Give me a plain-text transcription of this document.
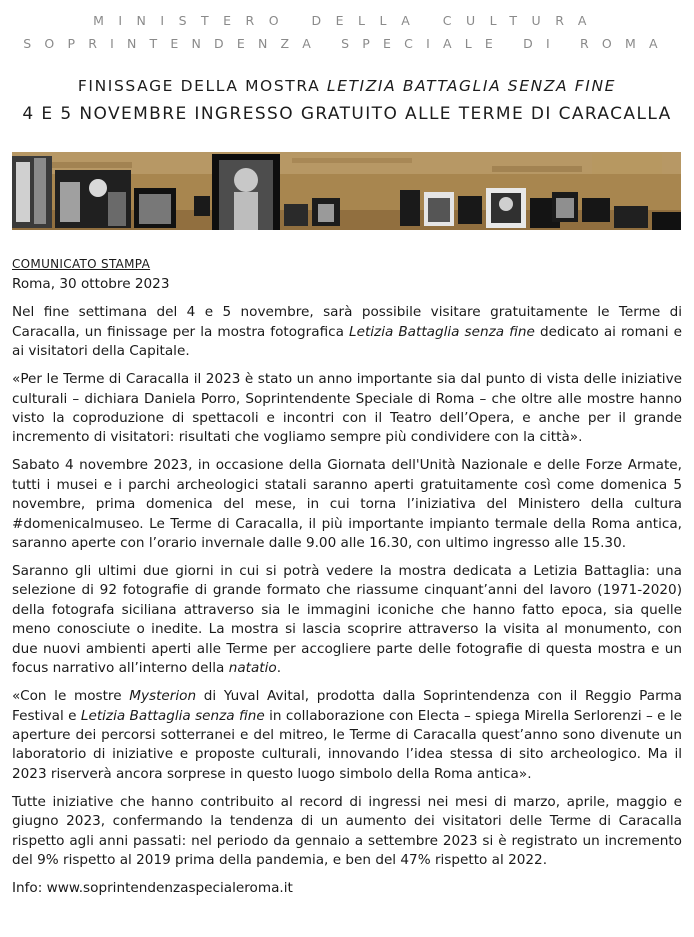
MINISTERO DELLA CULTURA
SOPRINTENDENZA SPECIALE DI ROMA
FINISSAGE DELLA MOSTRA LETIZIA BATTAGLIA SENZA FINE
4 E 5 NOVEMBRE INGRESSO GRATUITO ALLE TERME DI CARACALLA
COMUNICATO STAMPA
Roma, 30 ottobre 2023

Nel fine settimana del 4 e 5 novembre, sarà possibile visitare gratuitamente le Terme di Caracalla, un finissage per la mostra fotografica Letizia Battaglia senza fine dedicato ai romani e ai visitatori della Capitale.

«Per le Terme di Caracalla il 2023 è stato un anno importante sia dal punto di vista delle iniziative culturali – dichiara Daniela Porro, Soprintendente Speciale di Roma – che oltre alle mostre hanno visto la coproduzione di spettacoli e incontri con il Teatro dell’Opera, e anche per il grande incremento di visitatori: risultati che vogliamo sempre più condividere con la città».

Sabato 4 novembre 2023, in occasione della Giornata dell'Unità Nazionale e delle Forze Armate, tutti i musei e i parchi archeologici statali saranno aperti gratuitamente così come domenica 5 novembre, prima domenica del mese, in cui torna l’iniziativa del Ministero della cultura #domenicalmuseo. Le Terme di Caracalla, il più importante impianto termale della Roma antica, saranno aperte con l’orario invernale dalle 9.00 alle 16.30, con ultimo ingresso alle 15.30.

Saranno gli ultimi due giorni in cui si potrà vedere la mostra dedicata a Letizia Battaglia: una selezione di 92 fotografie di grande formato che riassume cinquant’anni del lavoro (1971-2020) della fotografa siciliana attraverso sia le immagini iconiche che hanno fatto epoca, sia quelle meno conosciute o inedite. La mostra si lascia scoprire attraverso la visita al monumento, con due nuovi ambienti aperti alle Terme per accogliere parte delle fotografie di questa mostra e un focus narrativo all’interno della natatio.

«Con le mostre Mysterion di Yuval Avital, prodotta dalla Soprintendenza con il Reggio Parma Festival e Letizia Battaglia senza fine in collaborazione con Electa – spiega Mirella Serlorenzi – e le aperture dei percorsi sotterranei e del mitreo, le Terme di Caracalla quest’anno sono divenute un laboratorio di iniziative e proposte culturali, innovando l’idea stessa di sito archeologico. Ma il 2023 riserverà ancora sorprese in questo luogo simbolo della Roma antica».

Tutte iniziative che hanno contribuito al record di ingressi nei mesi di marzo, aprile, maggio e giugno 2023, confermando la tendenza di un aumento dei visitatori delle Terme di Caracalla rispetto agli anni passati: nel periodo da gennaio a settembre 2023 si è registrato un incremento del 9% rispetto al 2019 prima della pandemia, e ben del 47% rispetto al 2022.

Info: www.soprintendenzaspecialeroma.it
